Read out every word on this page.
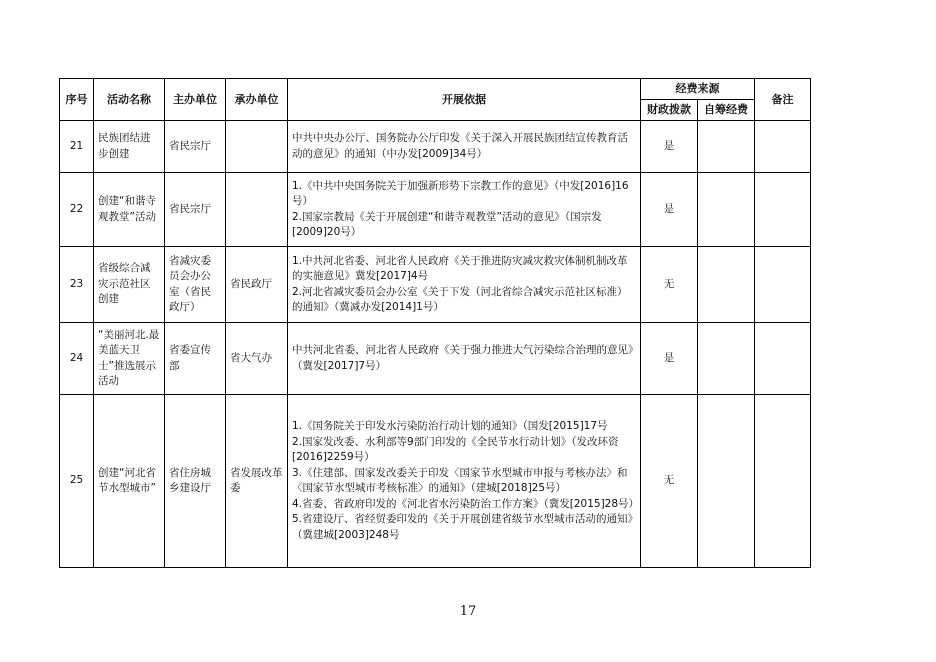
序号	活动名称	主办单位	承办单位	开展依据	经费来源		备注
					财政拨款	自筹经费	
21	民族团结进步创建	省民宗厅		中共中央办公厅、国务院办公厅印发《关于深入开展民族团结宣传教育活动的意见》的通知（中办发[2009]34号）	是		
22	创建“和谐寺观教堂”活动	省民宗厅		1.《中共中央国务院关于加强新形势下宗教工作的意见》（中发[2016]16号）
2.国家宗教局《关于开展创建“和谐寺观教堂”活动的意见》（国宗发[2009]20号）	是		
23	省级综合减灾示范社区创建	省减灾委员会办公室（省民政厅）	省民政厅	1.中共河北省委、河北省人民政府《关于推进防灾减灾救灾体制机制改革的实施意见》冀发[2017]4号
2.河北省减灾委员会办公室《关于下发（河北省综合减灾示范社区标准）的通知》（冀减办发[2014]1号）	无		
24	“美丽河北.最美蓝天卫士”推选展示活动	省委宣传部	省大气办	中共河北省委、河北省人民政府《关于强力推进大气污染综合治理的意见》（冀发[2017]7号）	是		
25	创建“河北省节水型城市”	省住房城乡建设厅	省发展改革委	1.《国务院关于印发水污染防治行动计划的通知》（国发[2015]17号
2.国家发改委、水利部等9部门印发的《全民节水行动计划》（发改环资[2016]2259号）
3.《住建部、国家发改委关于印发〈国家节水型城市申报与考核办法〉和〈国家节水型城市考核标准〉的通知》（建城[2018]25号）
4.省委、省政府印发的《河北省水污染防治工作方案》（冀发[2015]28号）
5.省建设厅、省经贸委印发的《关于开展创建省级节水型城市活动的通知》（冀建城[2003]248号	无		
17
